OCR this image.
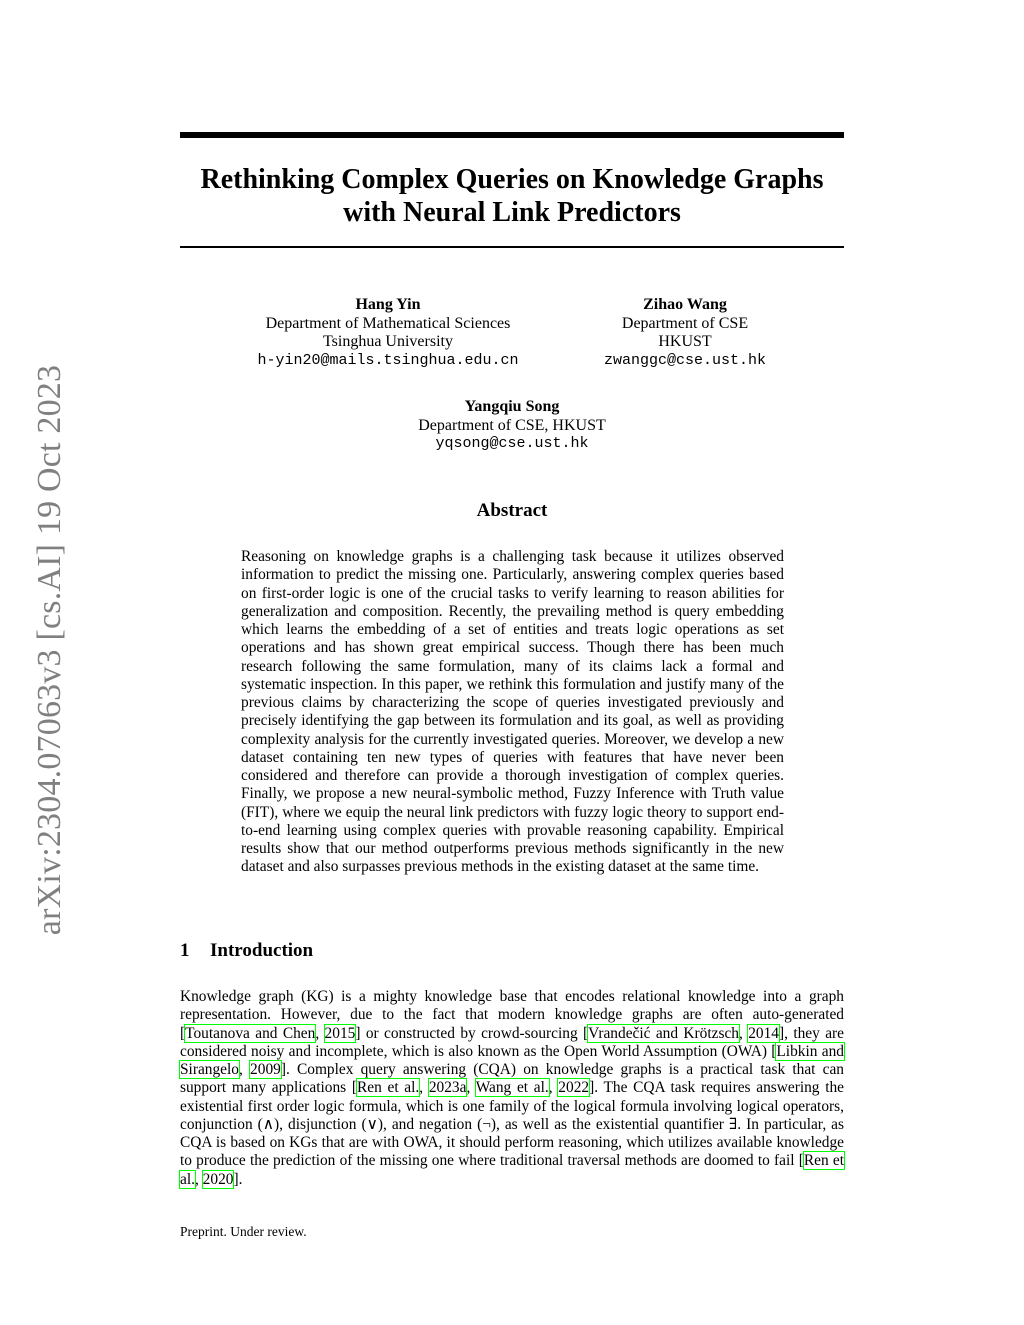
arXiv:2304.07063v3 [cs.AI] 19 Oct 2023
Rethinking Complex Queries on Knowledge Graphs
with Neural Link Predictors
Hang Yin
Department of Mathematical Sciences
Tsinghua University
h-yin20@mails.tsinghua.edu.cn
Zihao Wang
Department of CSE
HKUST
zwanggc@cse.ust.hk
Yangqiu Song
Department of CSE, HKUST
yqsong@cse.ust.hk
Abstract
Reasoning on knowledge graphs is a challenging task because it utilizes observed information to predict the missing one. Particularly, answering complex queries based on first-order logic is one of the crucial tasks to verify learning to reason abilities for generalization and composition. Recently, the prevailing method is query embedding which learns the embedding of a set of entities and treats logic operations as set operations and has shown great empirical success. Though there has been much research following the same formulation, many of its claims lack a formal and systematic inspection. In this paper, we rethink this formulation and justify many of the previous claims by characterizing the scope of queries investigated previously and precisely identifying the gap between its formulation and its goal, as well as providing complexity analysis for the currently investigated queries. Moreover, we develop a new dataset containing ten new types of queries with features that have never been considered and therefore can provide a thorough investigation of complex queries. Finally, we propose a new neural-symbolic method, Fuzzy Inference with Truth value (FIT), where we equip the neural link predictors with fuzzy logic theory to support end-to-end learning using complex queries with provable reasoning capability. Empirical results show that our method outperforms previous methods significantly in the new dataset and also surpasses previous methods in the existing dataset at the same time.
1 Introduction
Knowledge graph (KG) is a mighty knowledge base that encodes relational knowledge into a graph representation. However, due to the fact that modern knowledge graphs are often auto-generated [Toutanova and Chen, 2015] or constructed by crowd-sourcing [Vrandečić and Krötzsch, 2014], they are considered noisy and incomplete, which is also known as the Open World Assumption (OWA) [Libkin and Sirangelo, 2009]. Complex query answering (CQA) on knowledge graphs is a practical task that can support many applications [Ren et al., 2023a, Wang et al., 2022]. The CQA task requires answering the existential first order logic formula, which is one family of the logical formula involving logical operators, conjunction (∧), disjunction (∨), and negation (¬), as well as the existential quantifier ∃. In particular, as CQA is based on KGs that are with OWA, it should perform reasoning, which utilizes available knowledge to produce the prediction of the missing one where traditional traversal methods are doomed to fail [Ren et al., 2020].
Preprint. Under review.
